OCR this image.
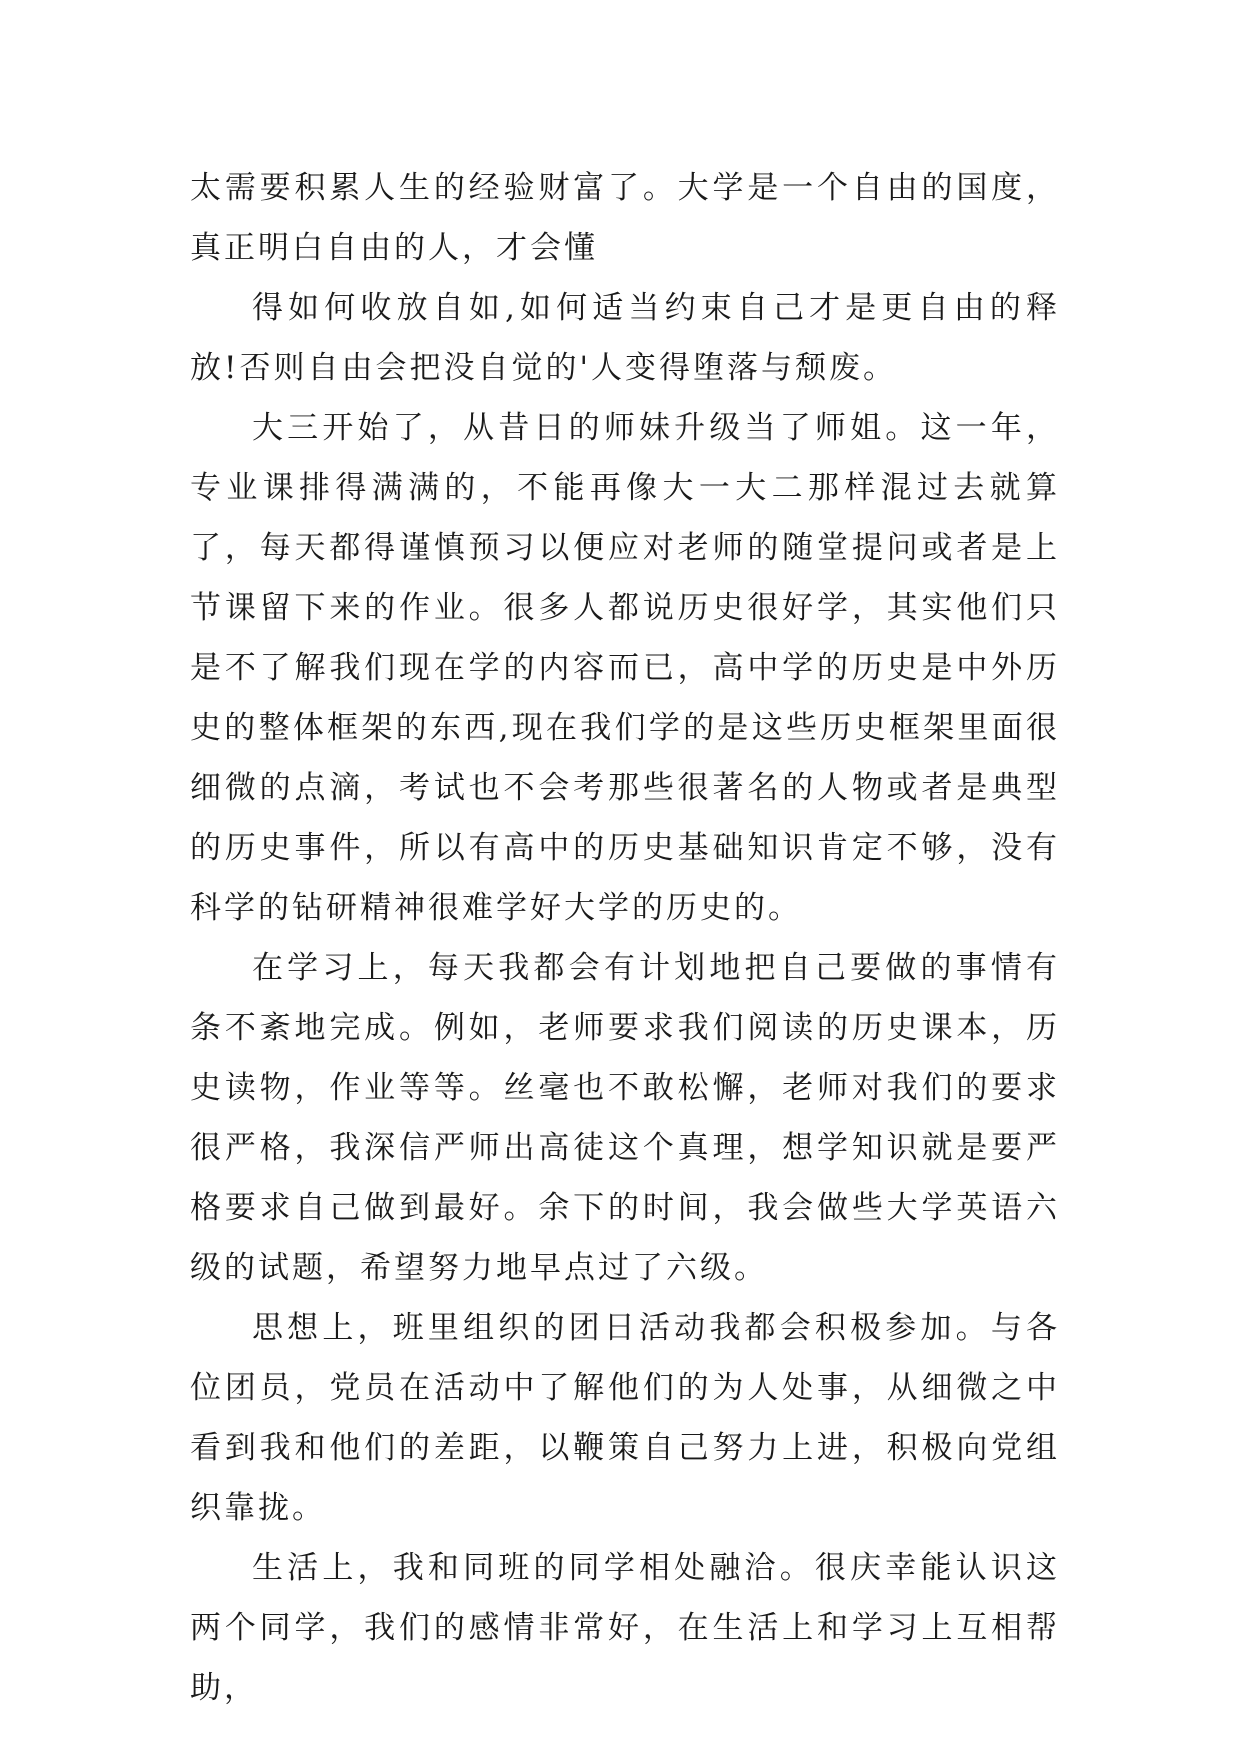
太需要积累人生的经验财富了。大学是一个自由的国度，真正明白自由的人，才会懂

得如何收放自如,如何适当约束自己才是更自由的释放!否则自由会把没自觉的'人变得堕落与颓废。

大三开始了，从昔日的师妹升级当了师姐。这一年，专业课排得满满的，不能再像大一大二那样混过去就算了，每天都得谨慎预习以便应对老师的随堂提问或者是上节课留下来的作业。很多人都说历史很好学，其实他们只是不了解我们现在学的内容而已，高中学的历史是中外历史的整体框架的东西,现在我们学的是这些历史框架里面很细微的点滴，考试也不会考那些很著名的人物或者是典型的历史事件，所以有高中的历史基础知识肯定不够，没有科学的钻研精神很难学好大学的历史的。

在学习上，每天我都会有计划地把自己要做的事情有条不紊地完成。例如，老师要求我们阅读的历史课本，历史读物，作业等等。丝毫也不敢松懈，老师对我们的要求很严格，我深信严师出高徒这个真理，想学知识就是要严格要求自己做到最好。余下的时间，我会做些大学英语六级的试题，希望努力地早点过了六级。

思想上，班里组织的团日活动我都会积极参加。与各位团员，党员在活动中了解他们的为人处事，从细微之中看到我和他们的差距，以鞭策自己努力上进，积极向党组织靠拢。

生活上，我和同班的同学相处融洽。很庆幸能认识这两个同学，我们的感情非常好，在生活上和学习上互相帮助，
